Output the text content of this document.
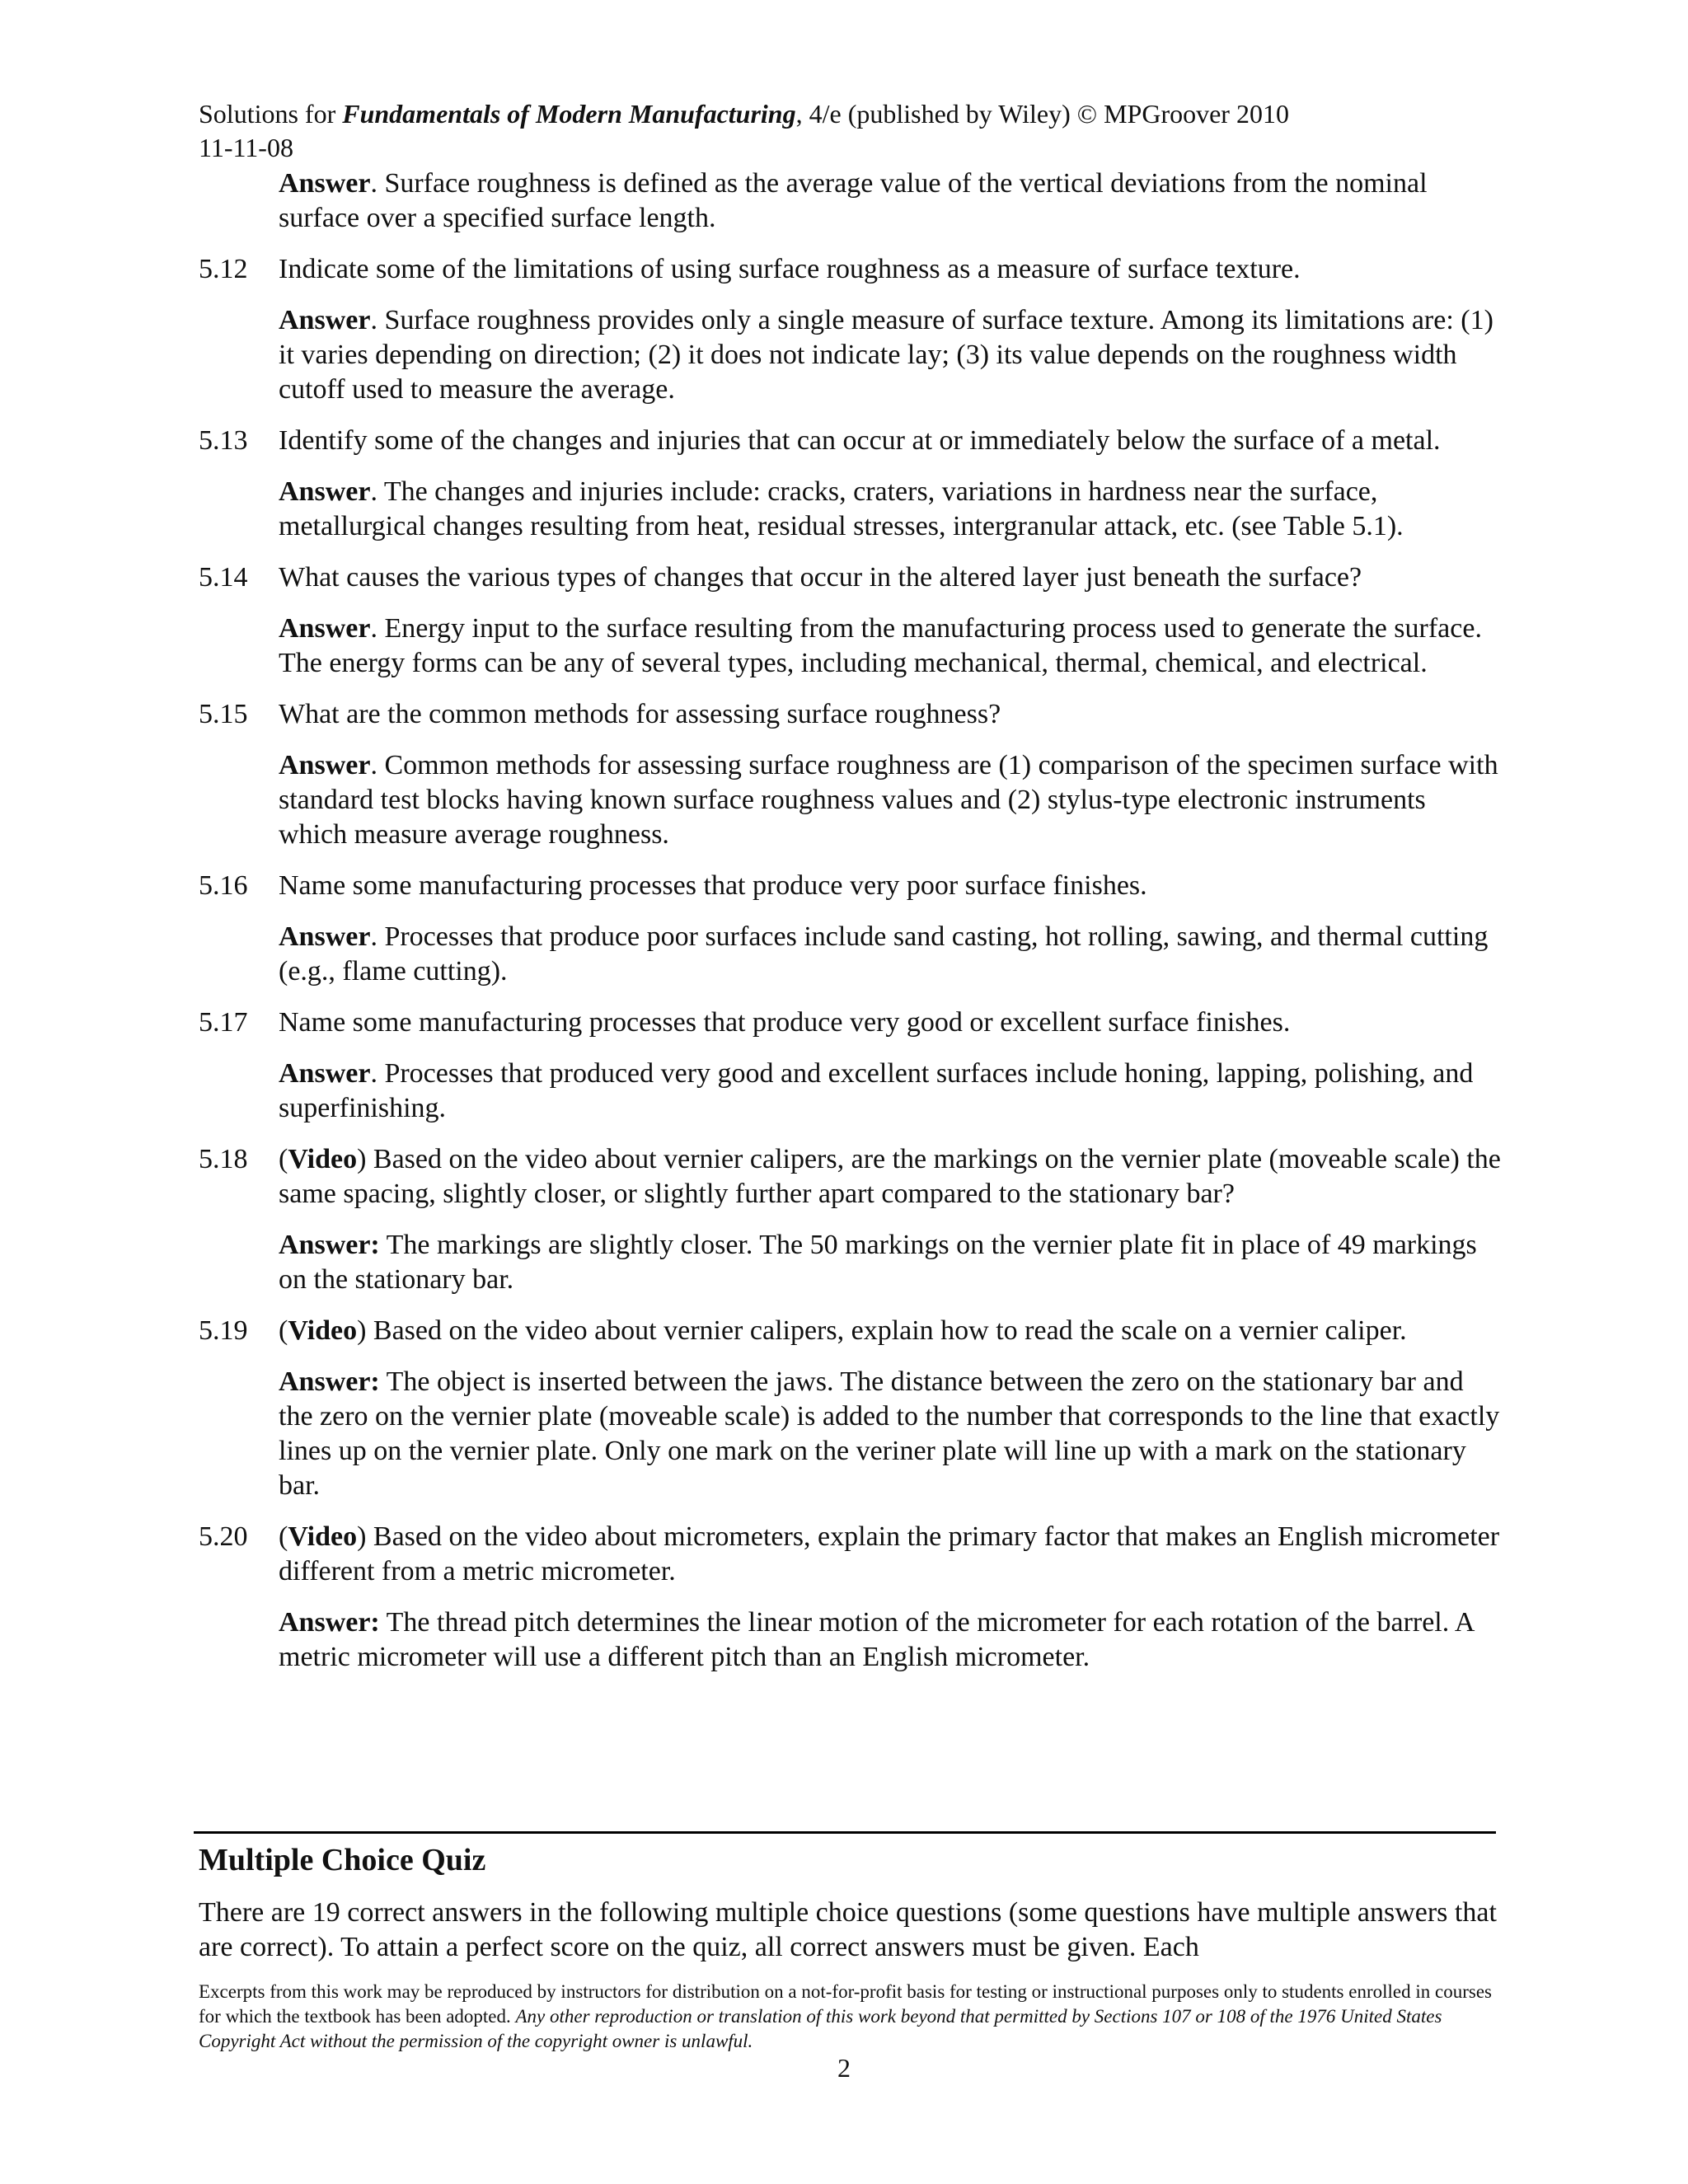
Solutions for Fundamentals of Modern Manufacturing, 4/e (published by Wiley) © MPGroover 2010
11-11-08
Answer. Surface roughness is defined as the average value of the vertical deviations from the nominal surface over a specified surface length.
5.12	Indicate some of the limitations of using surface roughness as a measure of surface texture.
Answer. Surface roughness provides only a single measure of surface texture. Among its limitations are: (1) it varies depending on direction; (2) it does not indicate lay; (3) its value depends on the roughness width cutoff used to measure the average.
5.13	Identify some of the changes and injuries that can occur at or immediately below the surface of a metal.
Answer. The changes and injuries include: cracks, craters, variations in hardness near the surface, metallurgical changes resulting from heat, residual stresses, intergranular attack, etc. (see Table 5.1).
5.14	What causes the various types of changes that occur in the altered layer just beneath the surface?
Answer. Energy input to the surface resulting from the manufacturing process used to generate the surface. The energy forms can be any of several types, including mechanical, thermal, chemical, and electrical.
5.15	What are the common methods for assessing surface roughness?
Answer. Common methods for assessing surface roughness are (1) comparison of the specimen surface with standard test blocks having known surface roughness values and (2) stylus-type electronic instruments which measure average roughness.
5.16	Name some manufacturing processes that produce very poor surface finishes.
Answer. Processes that produce poor surfaces include sand casting, hot rolling, sawing, and thermal cutting (e.g., flame cutting).
5.17	Name some manufacturing processes that produce very good or excellent surface finishes.
Answer. Processes that produced very good and excellent surfaces include honing, lapping, polishing, and superfinishing.
5.18	(Video) Based on the video about vernier calipers, are the markings on the vernier plate (moveable scale) the same spacing, slightly closer, or slightly further apart compared to the stationary bar?
Answer: The markings are slightly closer. The 50 markings on the vernier plate fit in place of 49 markings on the stationary bar.
5.19	(Video) Based on the video about vernier calipers, explain how to read the scale on a vernier caliper.
Answer: The object is inserted between the jaws. The distance between the zero on the stationary bar and the zero on the vernier plate (moveable scale) is added to the number that corresponds to the line that exactly lines up on the vernier plate. Only one mark on the veriner plate will line up with a mark on the stationary bar.
5.20	(Video) Based on the video about micrometers, explain the primary factor that makes an English micrometer different from a metric micrometer.
Answer: The thread pitch determines the linear motion of the micrometer for each rotation of the barrel. A metric micrometer will use a different pitch than an English micrometer.
Multiple Choice Quiz
There are 19 correct answers in the following multiple choice questions (some questions have multiple answers that are correct). To attain a perfect score on the quiz, all correct answers must be given. Each
Excerpts from this work may be reproduced by instructors for distribution on a not-for-profit basis for testing or instructional purposes only to students enrolled in courses for which the textbook has been adopted. Any other reproduction or translation of this work beyond that permitted by Sections 107 or 108 of the 1976 United States Copyright Act without the permission of the copyright owner is unlawful.
2
